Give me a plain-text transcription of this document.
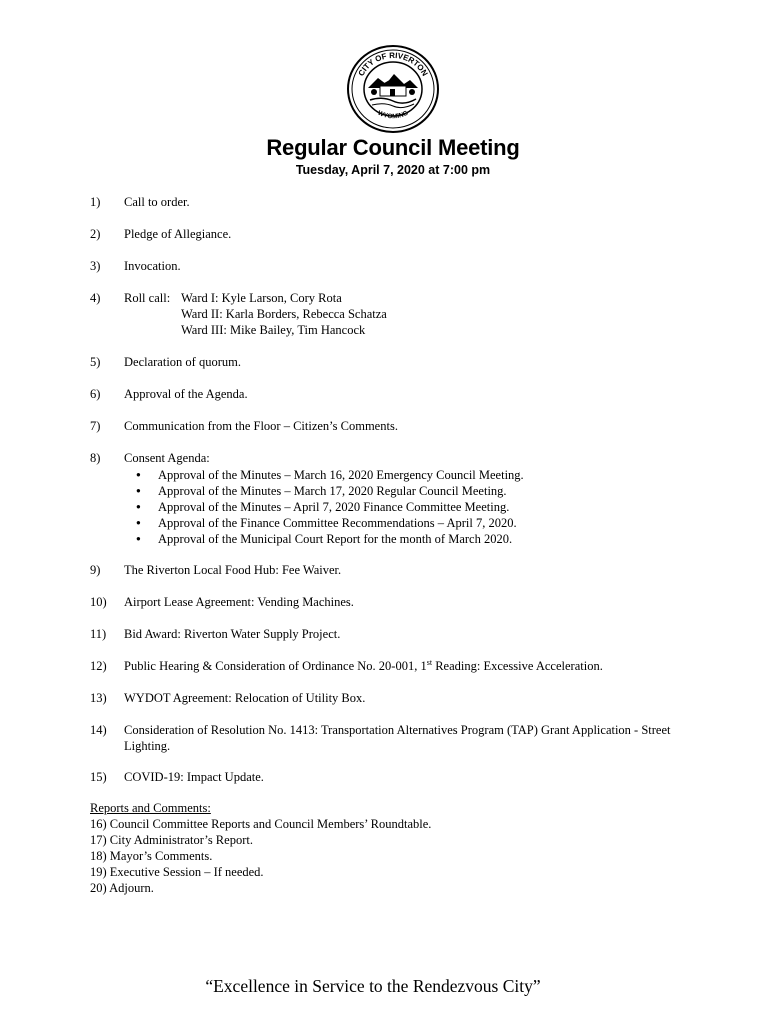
CITY OF RIVERTON
WYOMING
Regular Council Meeting
Tuesday, April 7, 2020 at 7:00 pm
1) Call to order.
2) Pledge of Allegiance.
3) Invocation.
4) Roll call: Ward I: Kyle Larson, Cory Rota
Ward II: Karla Borders, Rebecca Schatza
Ward III: Mike Bailey, Tim Hancock
5) Declaration of quorum.
6) Approval of the Agenda.
7) Communication from the Floor – Citizen’s Comments.
8) Consent Agenda:
● Approval of the Minutes – March 16, 2020 Emergency Council Meeting.
● Approval of the Minutes – March 17, 2020 Regular Council Meeting.
● Approval of the Minutes – April 7, 2020 Finance Committee Meeting.
● Approval of the Finance Committee Recommendations – April 7, 2020.
● Approval of the Municipal Court Report for the month of March 2020.
9) The Riverton Local Food Hub: Fee Waiver.
10) Airport Lease Agreement: Vending Machines.
11) Bid Award: Riverton Water Supply Project.
12) Public Hearing & Consideration of Ordinance No. 20-001, 1st Reading: Excessive Acceleration.
13) WYDOT Agreement: Relocation of Utility Box.
14) Consideration of Resolution No. 1413: Transportation Alternatives Program (TAP) Grant Application - Street Lighting.
15) COVID-19: Impact Update.
Reports and Comments:
16) Council Committee Reports and Council Members’ Roundtable.
17) City Administrator’s Report.
18) Mayor’s Comments.
19) Executive Session – If needed.
20) Adjourn.
“Excellence in Service to the Rendezvous City”
